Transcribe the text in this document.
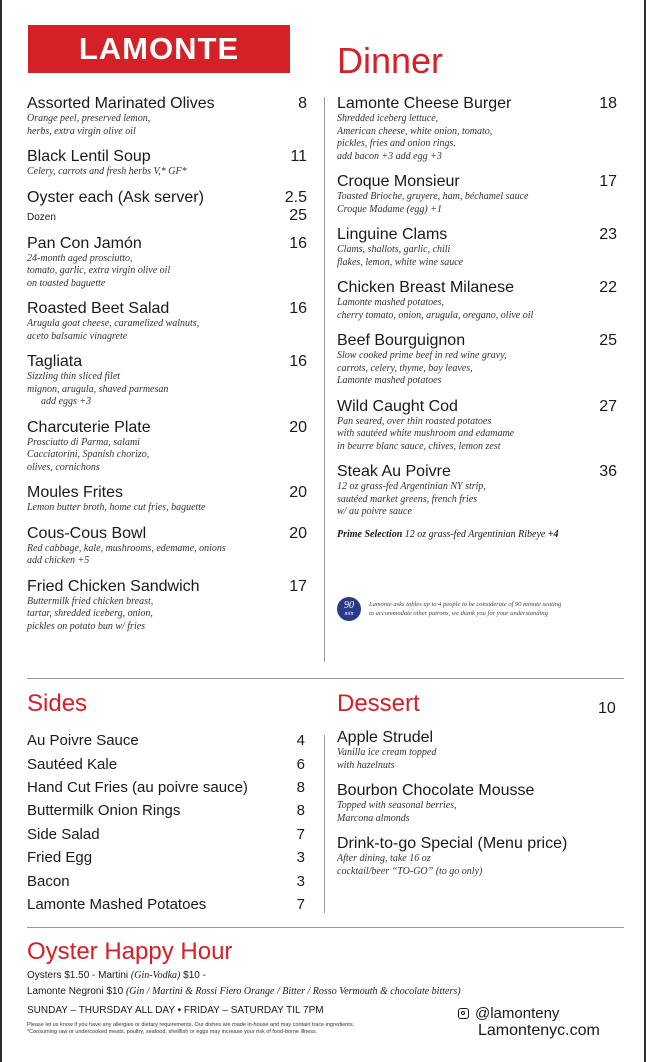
LAMONTE	Dinner
Assorted Marinated Olives	8
Orange peel, preserved lemon,
herbs, extra virgin olive oil
Black Lentil Soup	11
Celery, carrots and fresh herbs V,* GF*
Oyster each (Ask server)	2.5
Dozen	25
Pan Con Jamón	16
24-month aged prosciutto,
tomato, garlic, extra virgin olive oil
on toasted baguette
Roasted Beet Salad	16
Arugula goat cheese, caramelized walnuts,
aceto balsamic vinagrete
Tagliata	16
Sizzling thin sliced filet
mignon, arugula, shaved parmesan
add eggs +3
Charcuterie Plate	20
Prosciutto di Parma, salami
Cacciatorini, Spanish chorizo,
olives, cornichons
Moules Frites	20
Lemon butter broth, home cut fries, baguette
Cous-Cous Bowl	20
Red cabbage, kale, mushrooms, edemame, onions
add chicken +5
Fried Chicken Sandwich	17
Buttermilk fried chicken breast,
tartar, shredded iceberg, onion,
pickles on potato bun w/ fries
Lamonte Cheese Burger	18
Shredded iceberg lettuce,
American cheese, white onion, tomato,
pickles, fries and onion rings.
add bacon +3 add egg +3
Croque Monsieur	17
Toasted Brioche, gruyere, ham, béchamel sauce
Croque Madame (egg) +1
Linguine Clams	23
Clams, shallots, garlic, chili
flakes, lemon, white wine sauce
Chicken Breast Milanese	22
Lamonte mashed potatoes,
cherry tomato, onion, arugula, oregano, olive oil
Beef Bourguignon	25
Slow cooked prime beef in red wine gravy,
carrots, celery, thyme, bay leaves,
Lamonte mashed potatoes
Wild Caught Cod	27
Pan seared, over thin roasted potatoes
with sautéed white mushroom and edamame
in beurre blanc sauce, chives, lemon zest
Steak Au Poivre	36
12 oz grass-fed Argentinian NY strip,
sautéed market greens, french fries
w/ au poivre sauce
Prime Selection 12 oz grass-fed Argentinian Ribeye +4
90
min
Lamonte asks tables up to 4 people to be considerate of 90 minute seating
to accommodate other patrons, we thank you for your understanding
Sides
Au Poivre Sauce	4
Sautéed Kale	6
Hand Cut Fries (au poivre sauce)	8
Buttermilk Onion Rings	8
Side Salad	7
Fried Egg	3
Bacon	3
Lamonte Mashed Potatoes	7
Dessert	10
Apple Strudel
Vanilla ice cream topped
with hazelnuts
Bourbon Chocolate Mousse
Topped with seasonal berries,
Marcona almonds
Drink-to-go Special (Menu price)
After dining, take 16 oz
cocktail/beer “TO-GO” (to go only)
Oyster Happy Hour
Oysters $1.50 - Martini (Gin-Vodka) $10 -
Lamonte Negroni $10 (Gin / Martini & Rossi Fiero Orange / Bitter / Rosso Vermouth & chocolate bitters)
SUNDAY – THURSDAY ALL DAY • FRIDAY – SATURDAY TIL 7PM
Please let us know if you have any allergies or dietary requirements. Our dishes are made in-house and may contain trace ingredients.
*Consuming raw or undercooked meats, poultry, seafood, shellfish or eggs may increase your risk of food-borne illness.
@lamonteny
Lamontenyc.com
